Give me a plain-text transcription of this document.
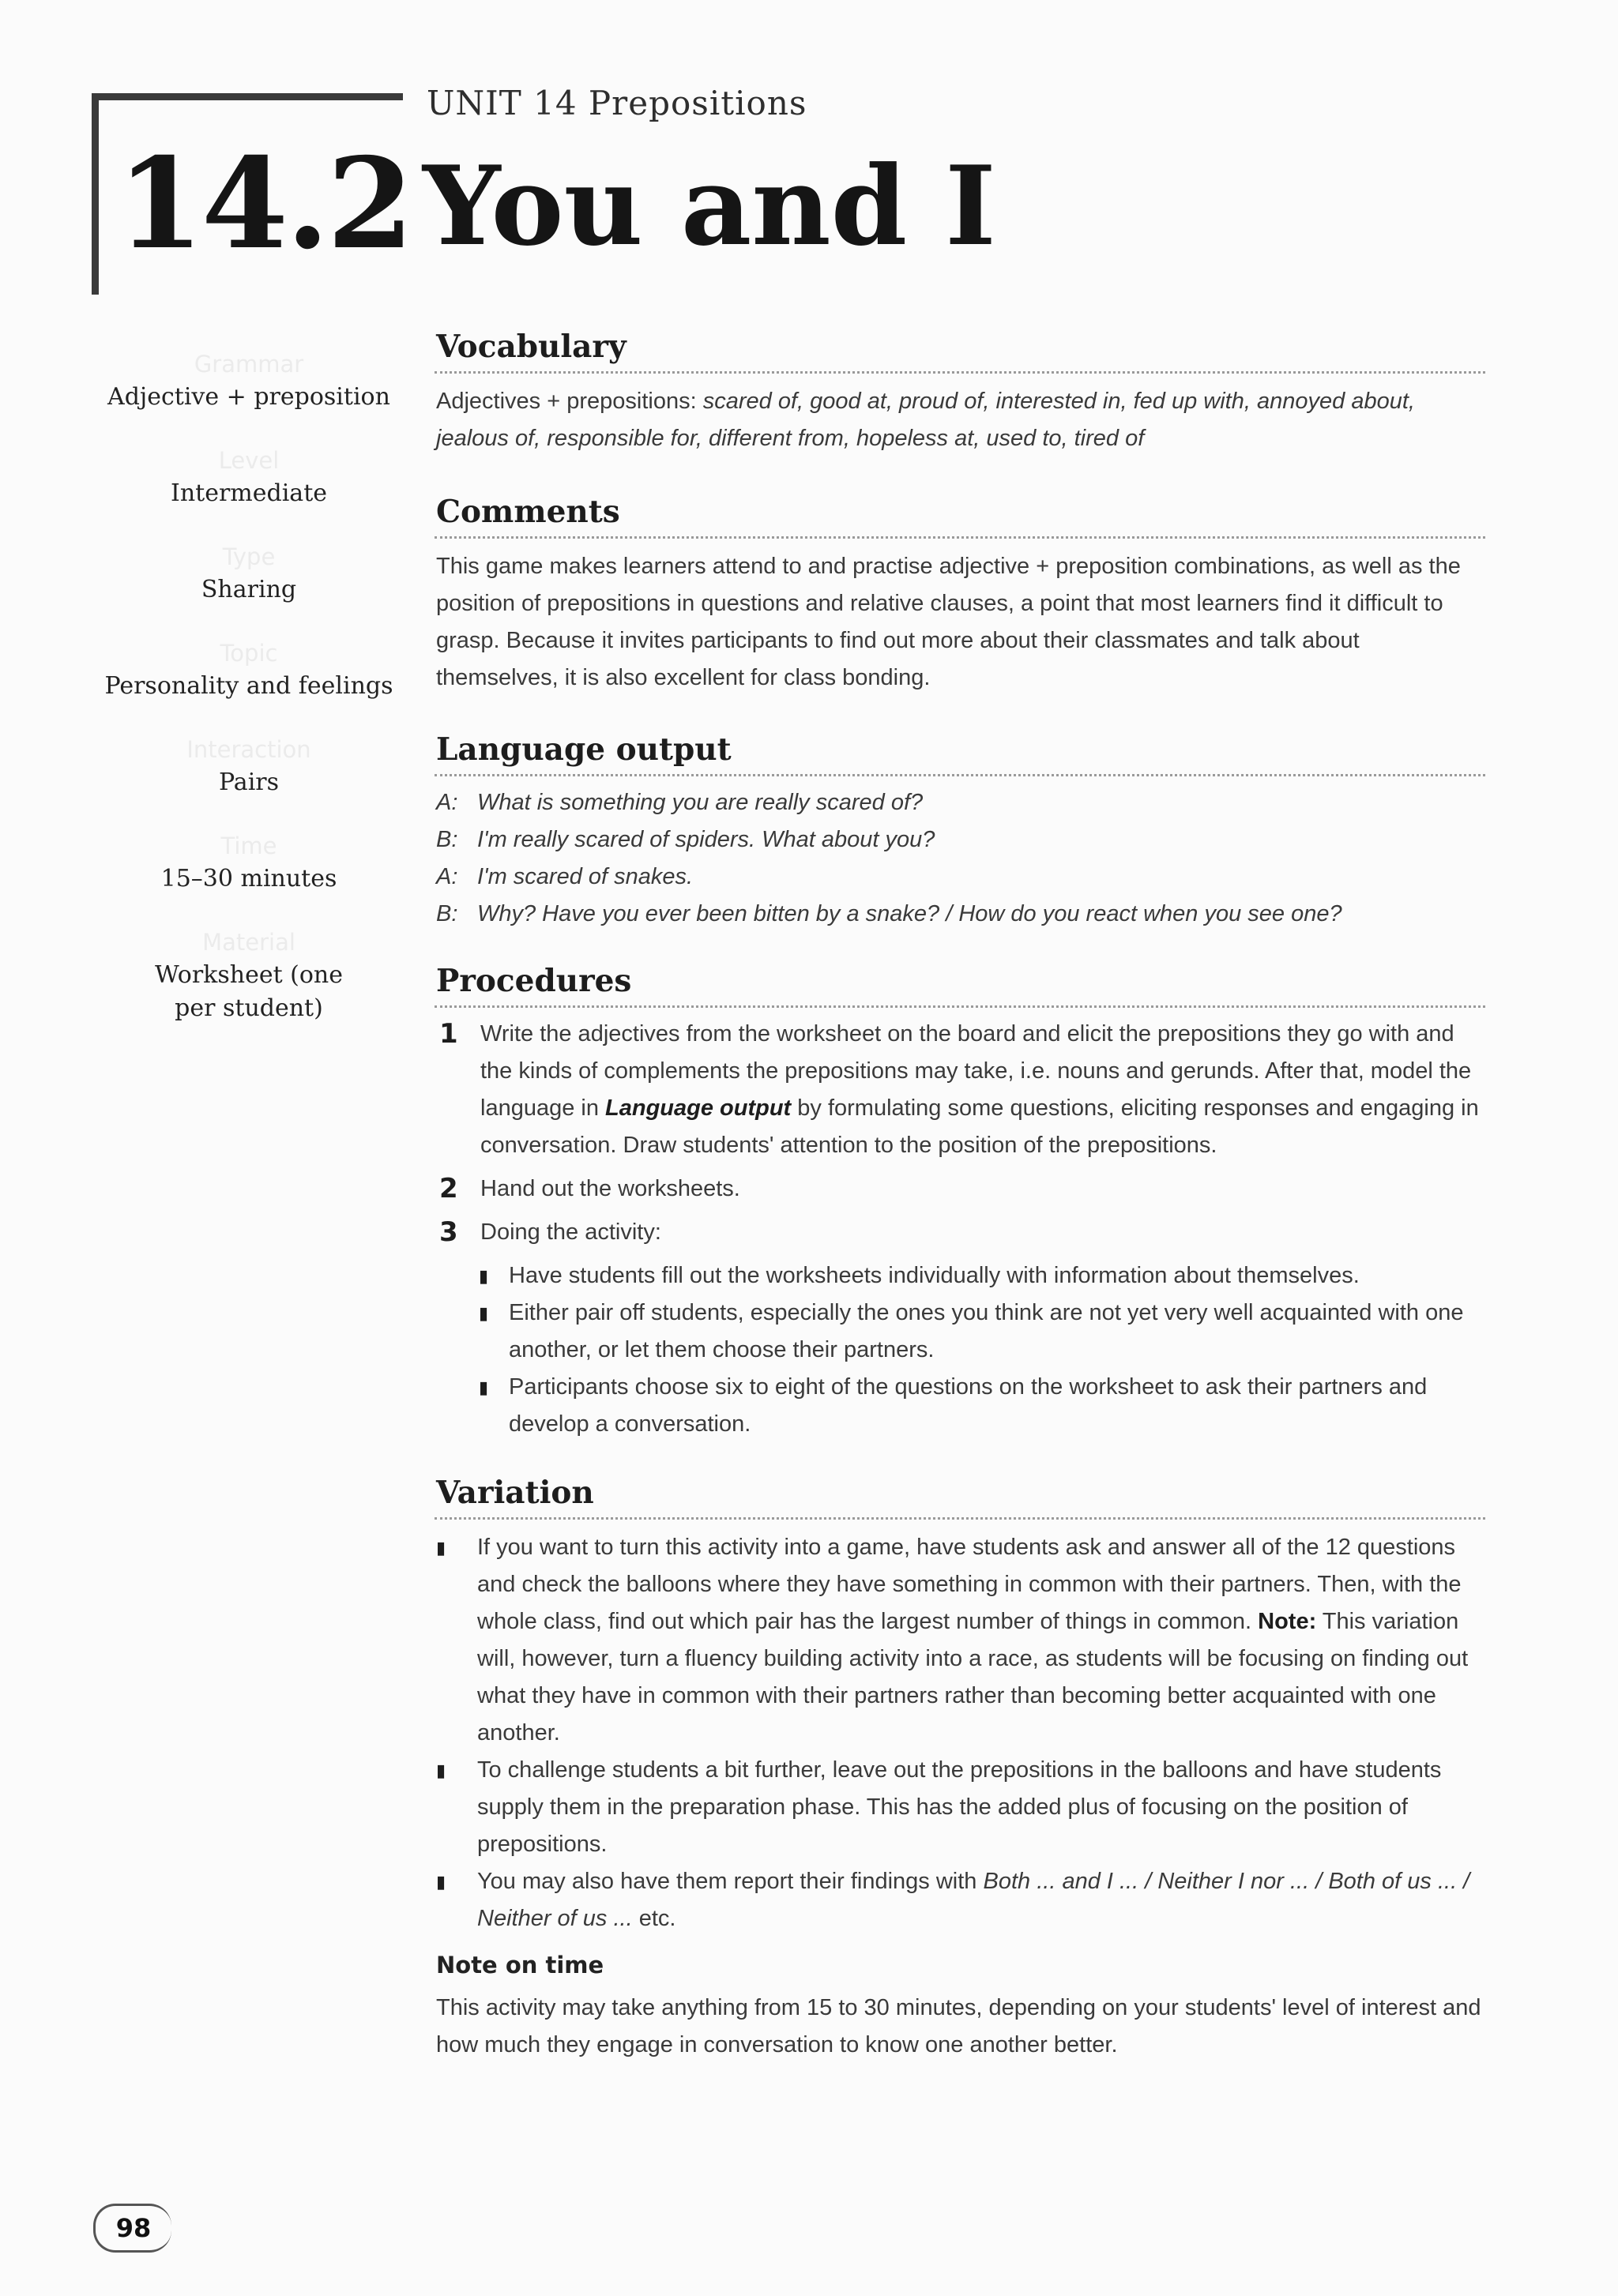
UNIT 14 Prepositions
14.2 You and I
Grammar
Adjective + preposition
Level
Intermediate
Type
Sharing
Topic
Personality and feelings
Interaction
Pairs
Time
15–30 minutes
Material
Worksheet (one per student)
Vocabulary

Adjectives + prepositions: scared of, good at, proud of, interested in, fed up with, annoyed about, jealous of, responsible for, different from, hopeless at, used to, tired of

Comments

This game makes learners attend to and practise adjective + preposition combinations, as well as the position of prepositions in questions and relative clauses, a point that most learners find it difficult to grasp. Because it invites participants to find out more about their classmates and talk about themselves, it is also excellent for class bonding.

Language output
A: What is something you are really scared of?
B: I'm really scared of spiders. What about you?
A: I'm scared of snakes.
B: Why? Have you ever been bitten by a snake? / How do you react when you see one?
Procedures
1 Write the adjectives from the worksheet on the board and elicit the prepositions they go with and the kinds of complements the prepositions may take, i.e. nouns and gerunds. After that, model the language in Language output by formulating some questions, eliciting responses and engaging in conversation. Draw students' attention to the position of the prepositions.
2 Hand out the worksheets.
3 Doing the activity:
▮ Have students fill out the worksheets individually with information about themselves.
▮ Either pair off students, especially the ones you think are not yet very well acquainted with one another, or let them choose their partners.
▮ Participants choose six to eight of the questions on the worksheet to ask their partners and develop a conversation.
Variation
▮	If you want to turn this activity into a game, have students ask and answer all of the 12 questions and check the balloons where they have something in common with their partners. Then, with the whole class, find out which pair has the largest number of things in common. Note: This variation will, however, turn a fluency building activity into a race, as students will be focusing on finding out what they have in common with their partners rather than becoming better acquainted with one another.
▮	To challenge students a bit further, leave out the prepositions in the balloons and have students supply them in the preparation phase. This has the added plus of focusing on the position of prepositions.
▮	You may also have them report their findings with Both ... and I ... / Neither I nor ... / Both of us ... / Neither of us ... etc.
Note on time

This activity may take anything from 15 to 30 minutes, depending on your students' level of interest and how much they engage in conversation to know one another better.

98
